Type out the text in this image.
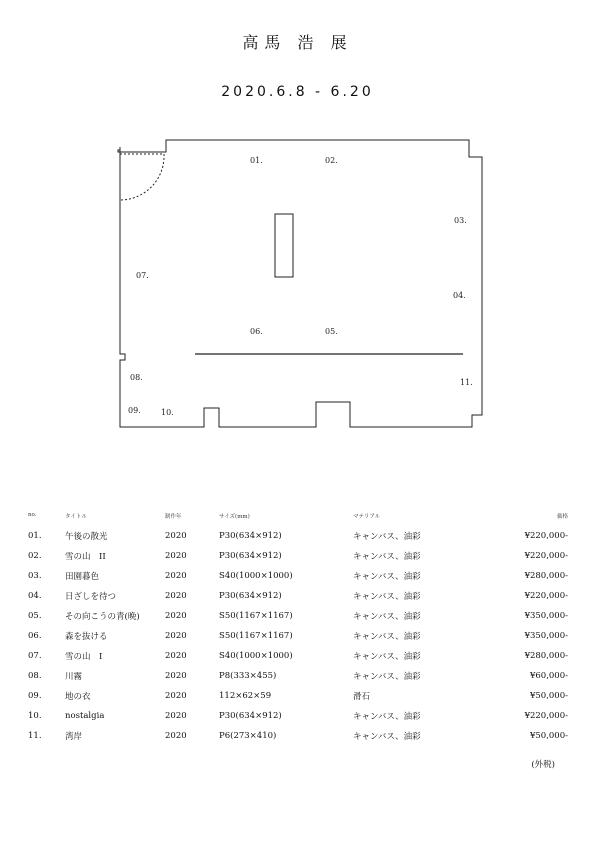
高馬 浩 展
2020.6.8 - 6.20
01.	02.
03.
04.
05.
06.
07.
08.
09.	10.
11.
no.	タイトル	制作年	サイズ(mm)	マテリアル	価格
01.	午後の散光	2020	P30(634×912)	キャンバス、油彩	¥220,000-
02.	雪の山　II	2020	P30(634×912)	キャンバス、油彩	¥220,000-
03.	田園暮色	2020	S40(1000×1000)	キャンバス、油彩	¥280,000-
04.	日ざしを待つ	2020	P30(634×912)	キャンバス、油彩	¥220,000-
05.	その向こうの青(晩)	2020	S50(1167×1167)	キャンバス、油彩	¥350,000-
06.	森を抜ける	2020	S50(1167×1167)	キャンバス、油彩	¥350,000-
07.	雪の山　I	2020	S40(1000×1000)	キャンバス、油彩	¥280,000-
08.	川霧	2020	P8(333×455)	キャンバス、油彩	¥60,000-
09.	地の衣	2020	112×62×59	滑石	¥50,000-
10.	nostalgia	2020	P30(634×912)	キャンバス、油彩	¥220,000-
11.	湾岸	2020	P6(273×410)	キャンバス、油彩	¥50,000-
(外税)
